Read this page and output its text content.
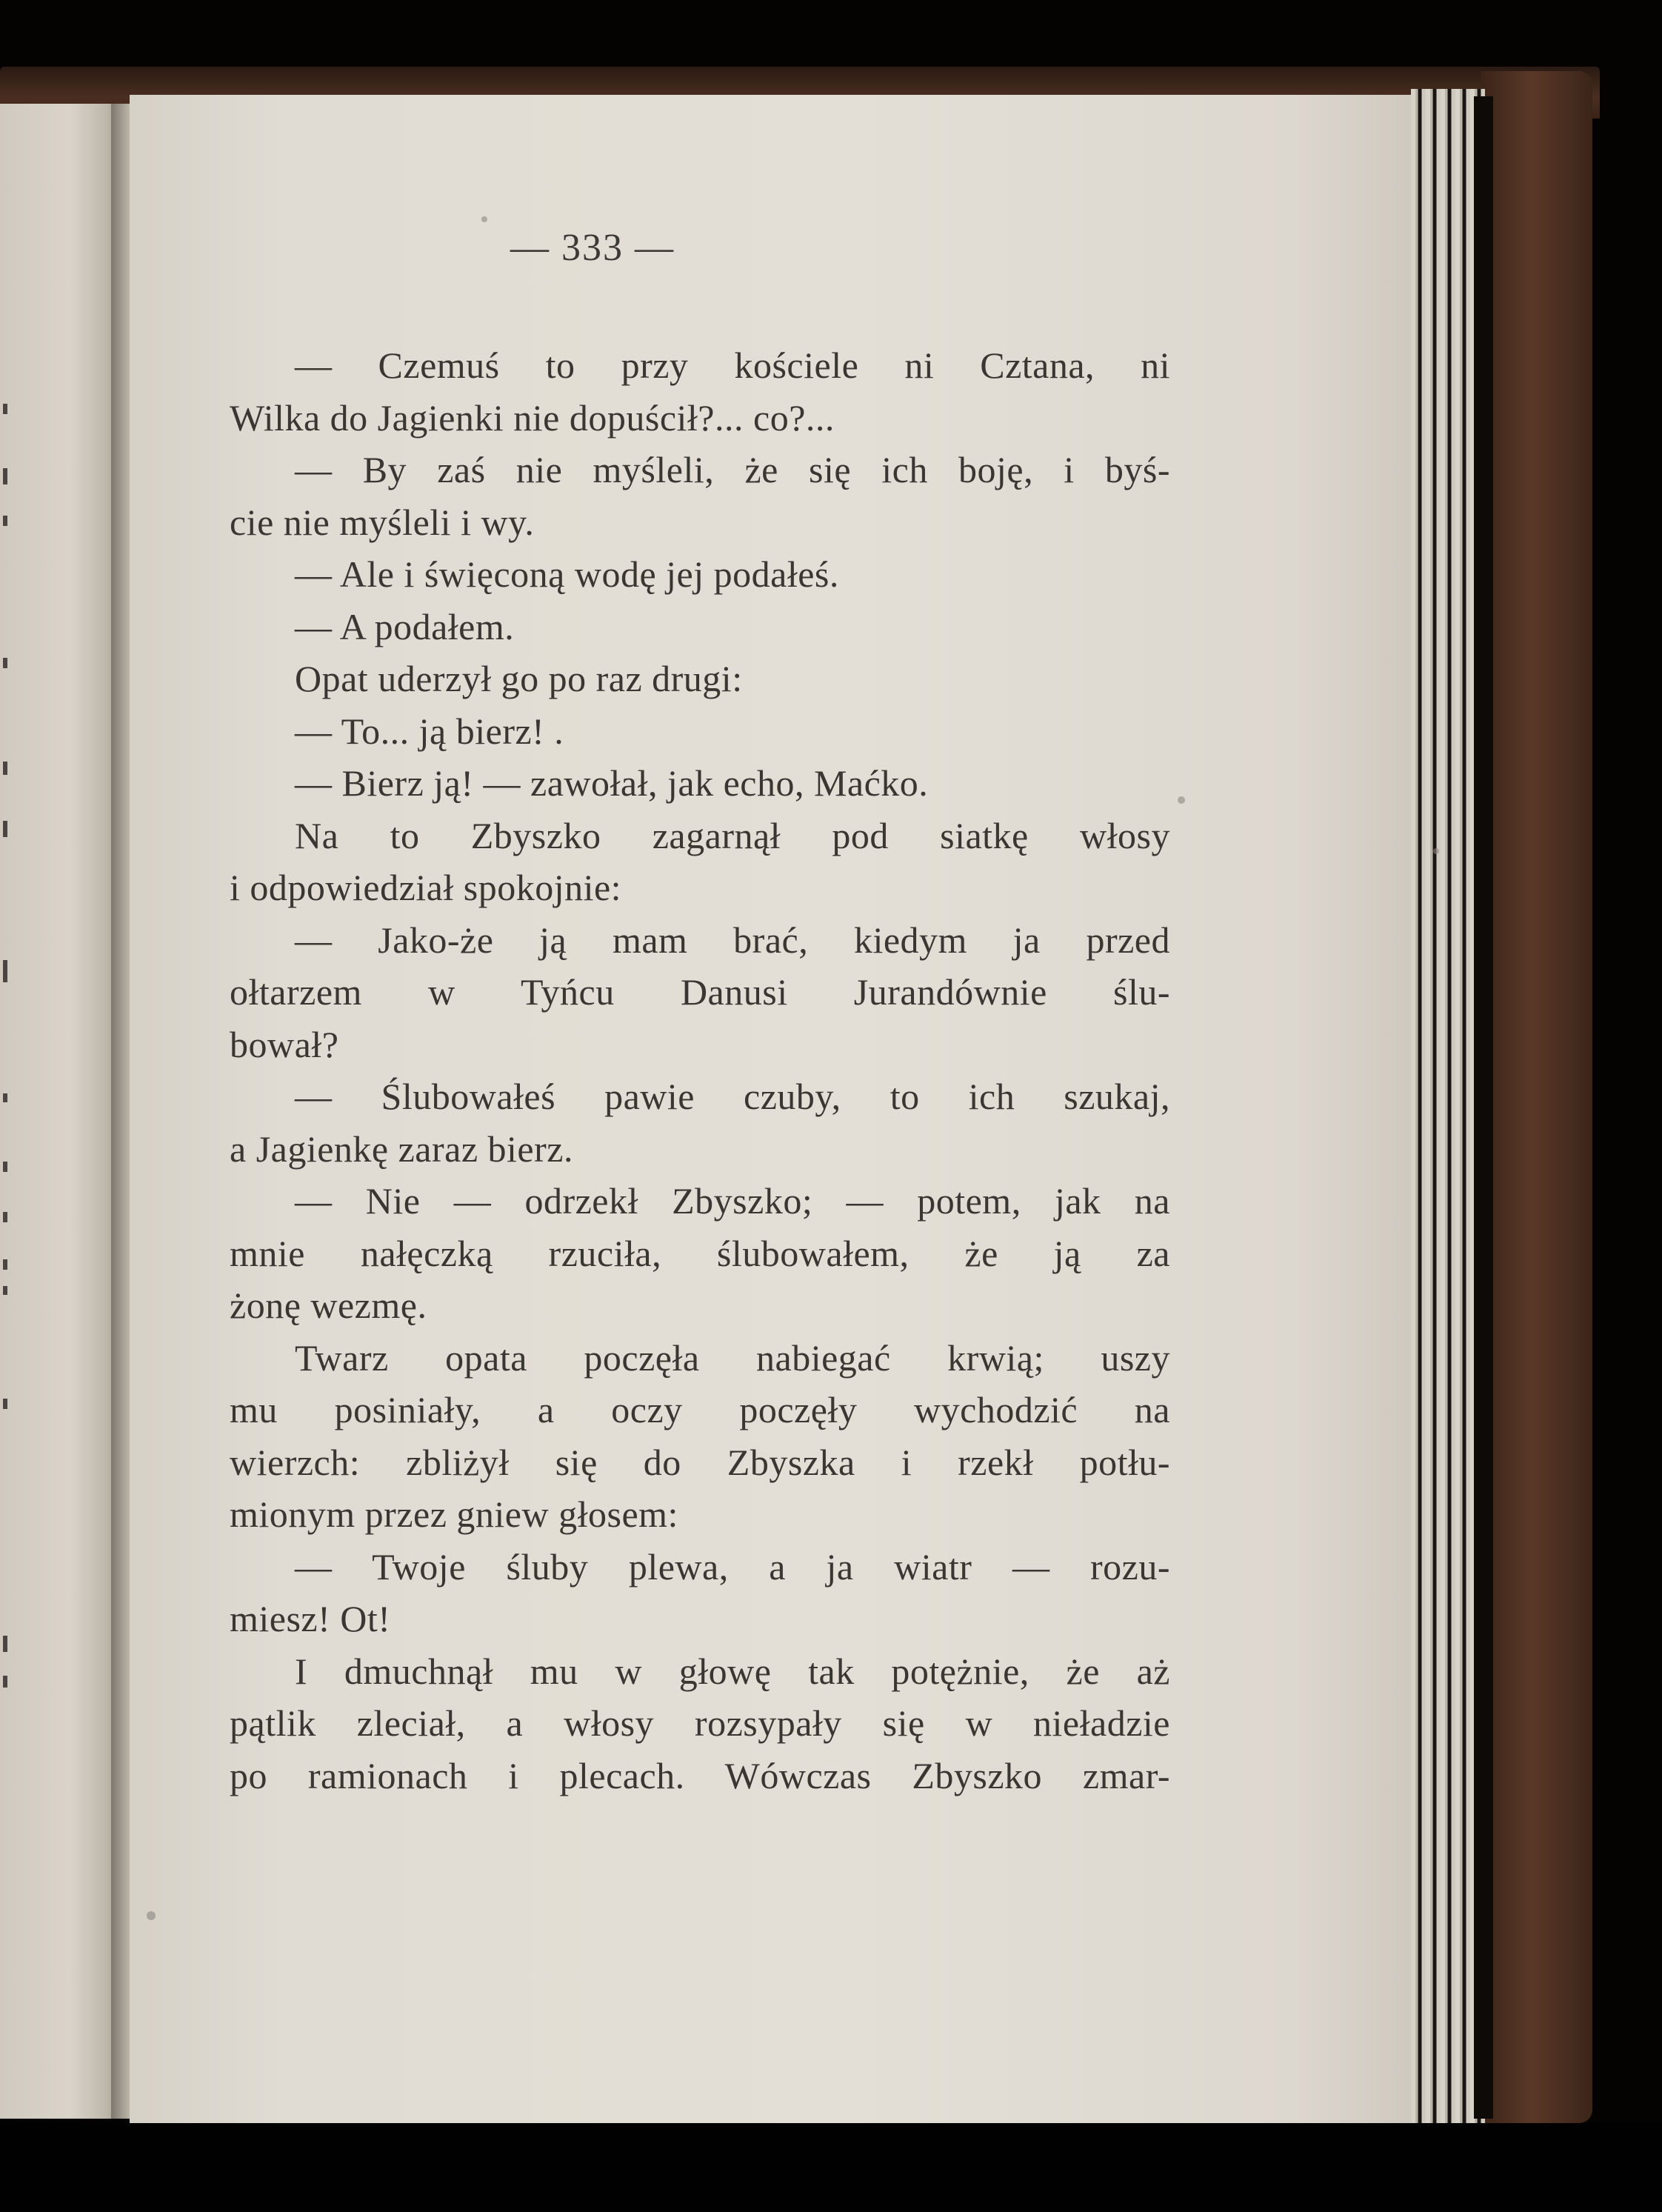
— 333 —
— Czemuś to przy kościele ni Cztana, ni
Wilka do Jagienki nie dopuścił?... co?...
— By zaś nie myśleli, że się ich boję, i byś-
cie nie myśleli i wy.
— Ale i święconą wodę jej podałeś.
— A podałem.
Opat uderzył go po raz drugi:
— To... ją bierz! .
— Bierz ją! — zawołał, jak echo, Maćko.
Na to Zbyszko zagarnął pod siatkę włosy
i odpowiedział spokojnie:
— Jako-że ją mam brać, kiedym ja przed
ołtarzem w Tyńcu Danusi Jurandównie ślu-
bował?
— Ślubowałeś pawie czuby, to ich szukaj,
a Jagienkę zaraz bierz.
— Nie — odrzekł Zbyszko; — potem, jak na
mnie nałęczką rzuciła, ślubowałem, że ją za
żonę wezmę.
Twarz opata poczęła nabiegać krwią; uszy
mu posiniały, a oczy poczęły wychodzić na
wierzch: zbliżył się do Zbyszka i rzekł potłu-
mionym przez gniew głosem:
— Twoje śluby plewa, a ja wiatr — rozu-
miesz! Ot!
I dmuchnął mu w głowę tak potężnie, że aż
pątlik zleciał, a włosy rozsypały się w nieładzie
po ramionach i plecach. Wówczas Zbyszko zmar-
